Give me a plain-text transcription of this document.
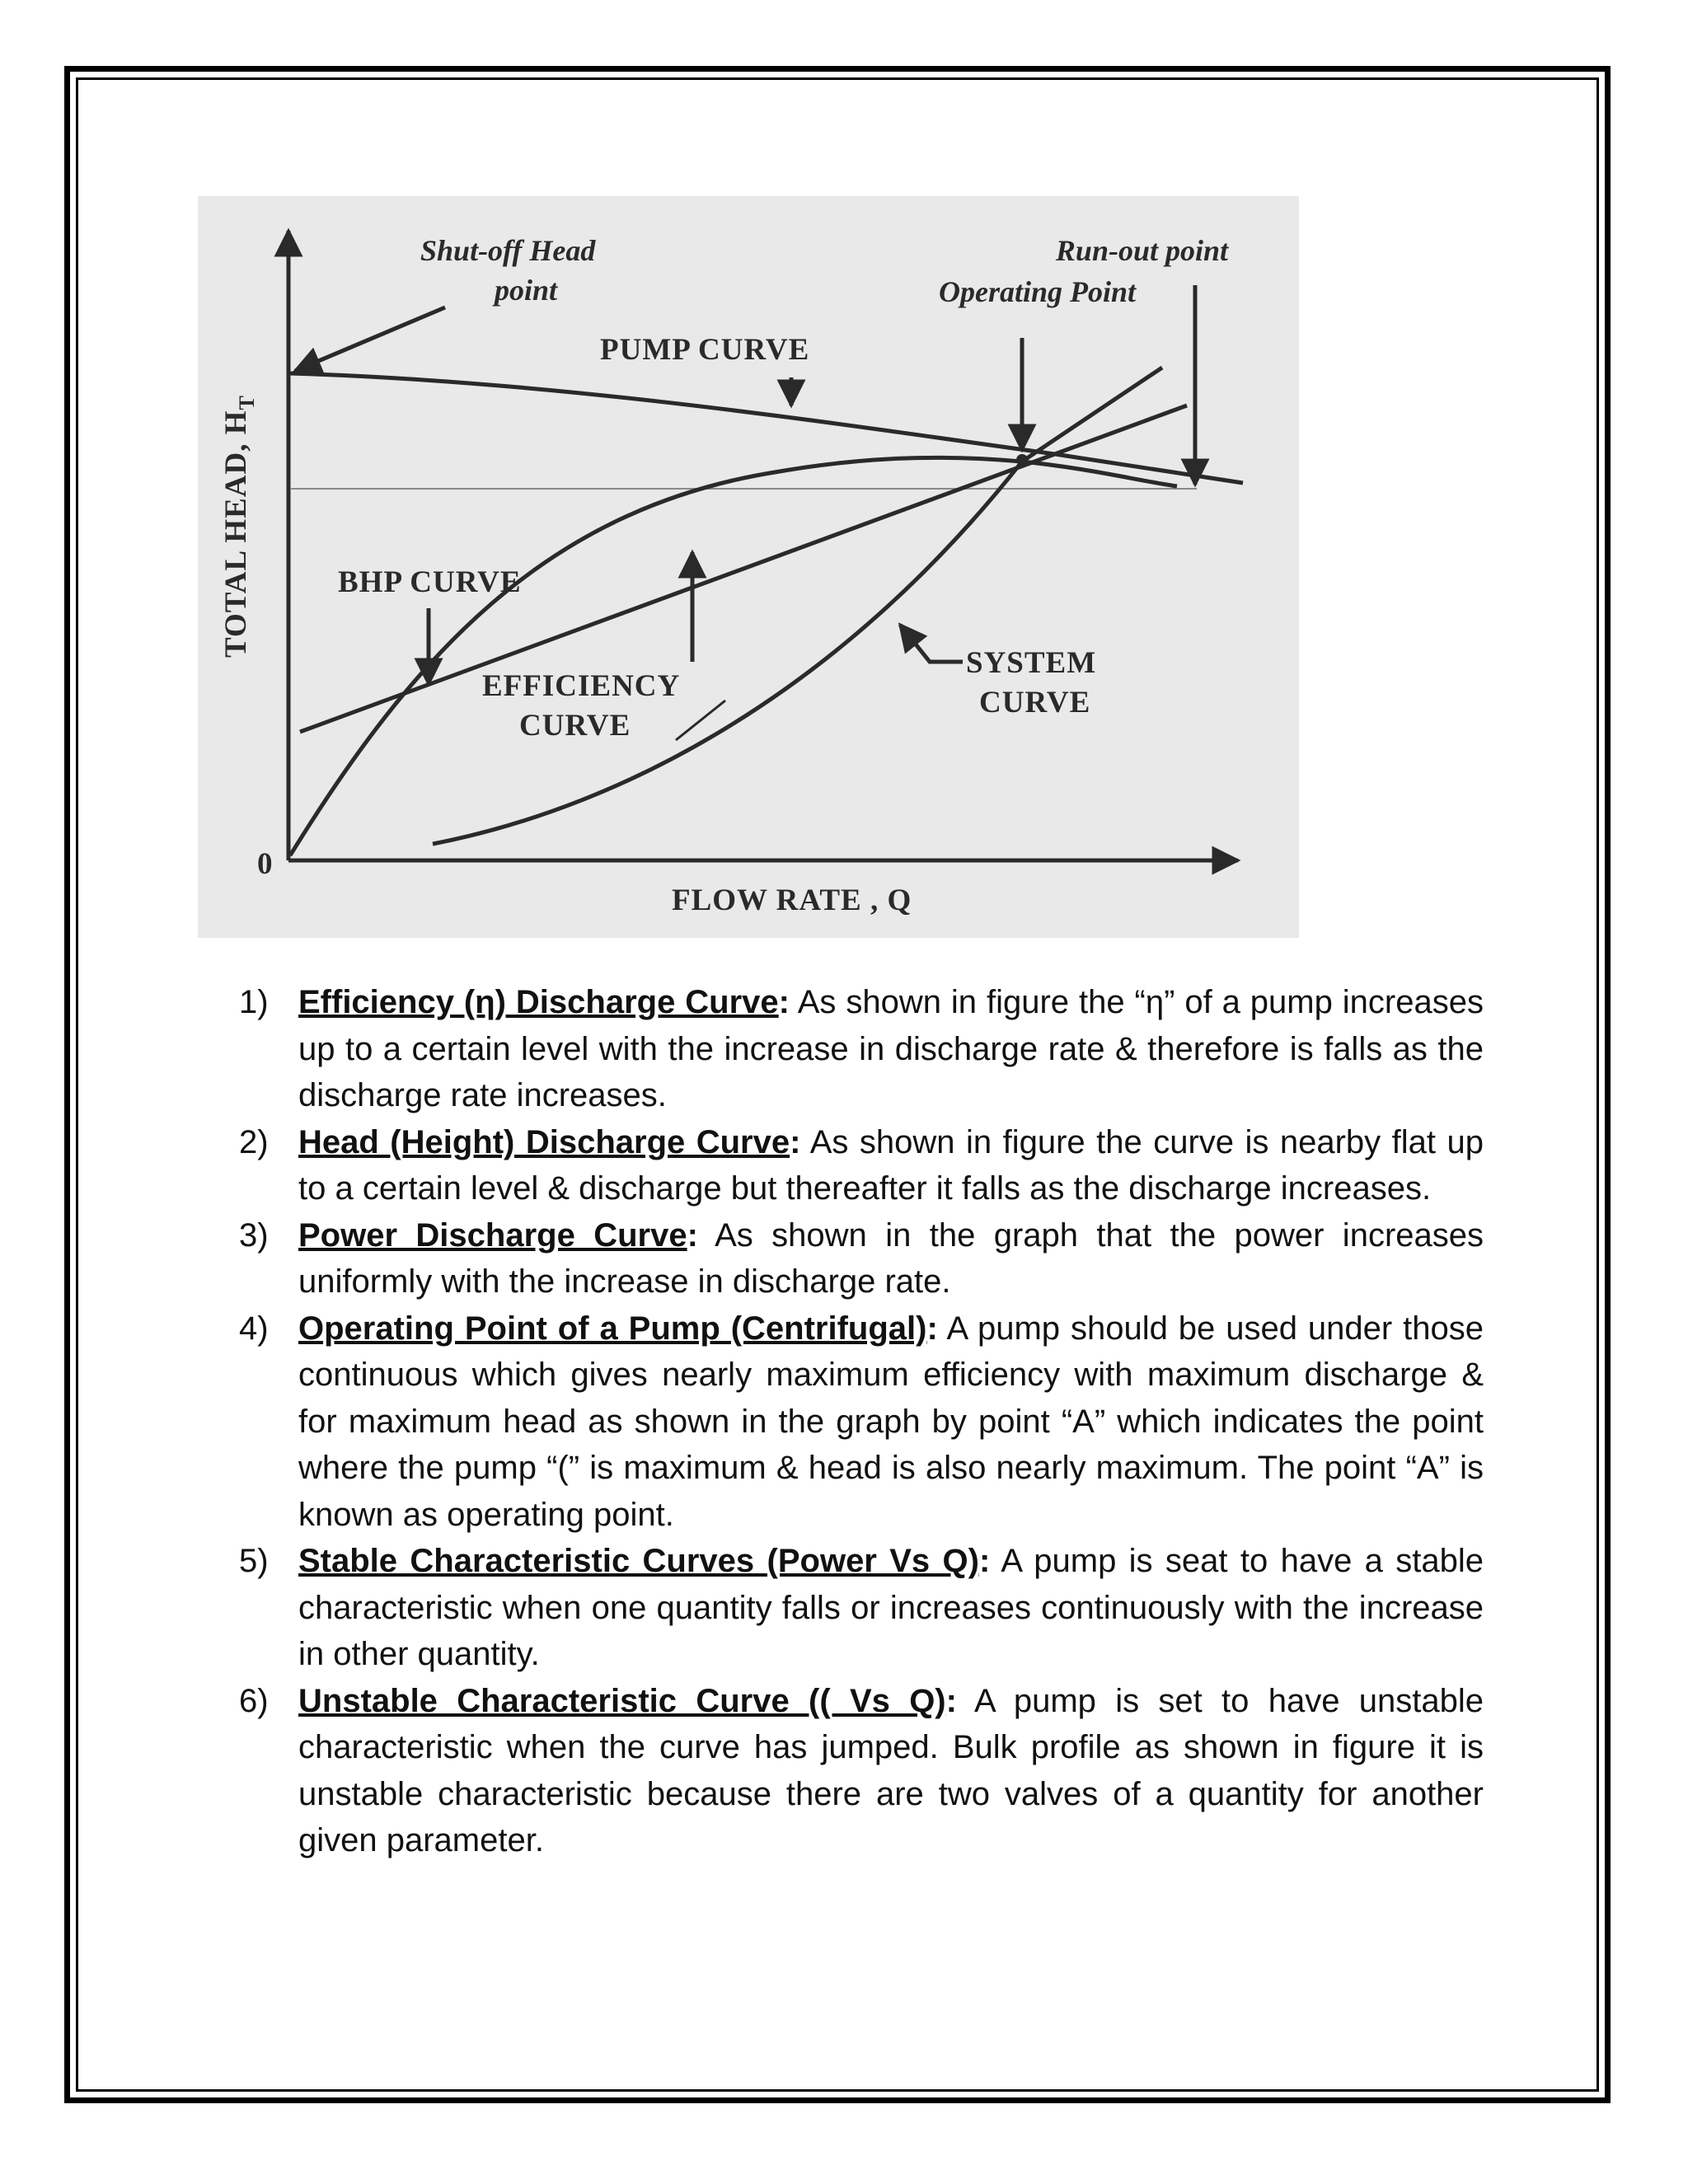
TOTAL HEAD, $H_T$
FLOW RATE , Q
0
Shut-off Head
point
Run-out point
Operating Point
PUMP CURVE
BHP CURVE
EFFICIENCY
CURVE
SYSTEM
CURVE
1) Efficiency (η) Discharge Curve: As shown in figure the “η” of a pump increases up to a certain level with the increase in discharge rate & therefore is falls as the discharge rate increases.
2) Head (Height) Discharge Curve: As shown in figure the curve is nearby flat up to a certain level & discharge but thereafter it falls as the discharge increases.
3) Power Discharge Curve: As shown in the graph that the power increases uniformly with the increase in discharge rate.
4) Operating Point of a Pump (Centrifugal): A pump should be used under those continuous which gives nearly maximum efficiency with maximum discharge & for maximum head as shown in the graph by point “A” which indicates the point where the pump “(” is maximum & head is also nearly maximum. The point “A” is known as operating point.
5) Stable Characteristic Curves (Power Vs Q): A pump is seat to have a stable characteristic when one quantity falls or increases continuously with the increase in other quantity.
6) Unstable Characteristic Curve (( Vs Q): A pump is set to have unstable characteristic when the curve has jumped. Bulk profile as shown in figure it is unstable characteristic because there are two valves of a quantity for another given parameter.
